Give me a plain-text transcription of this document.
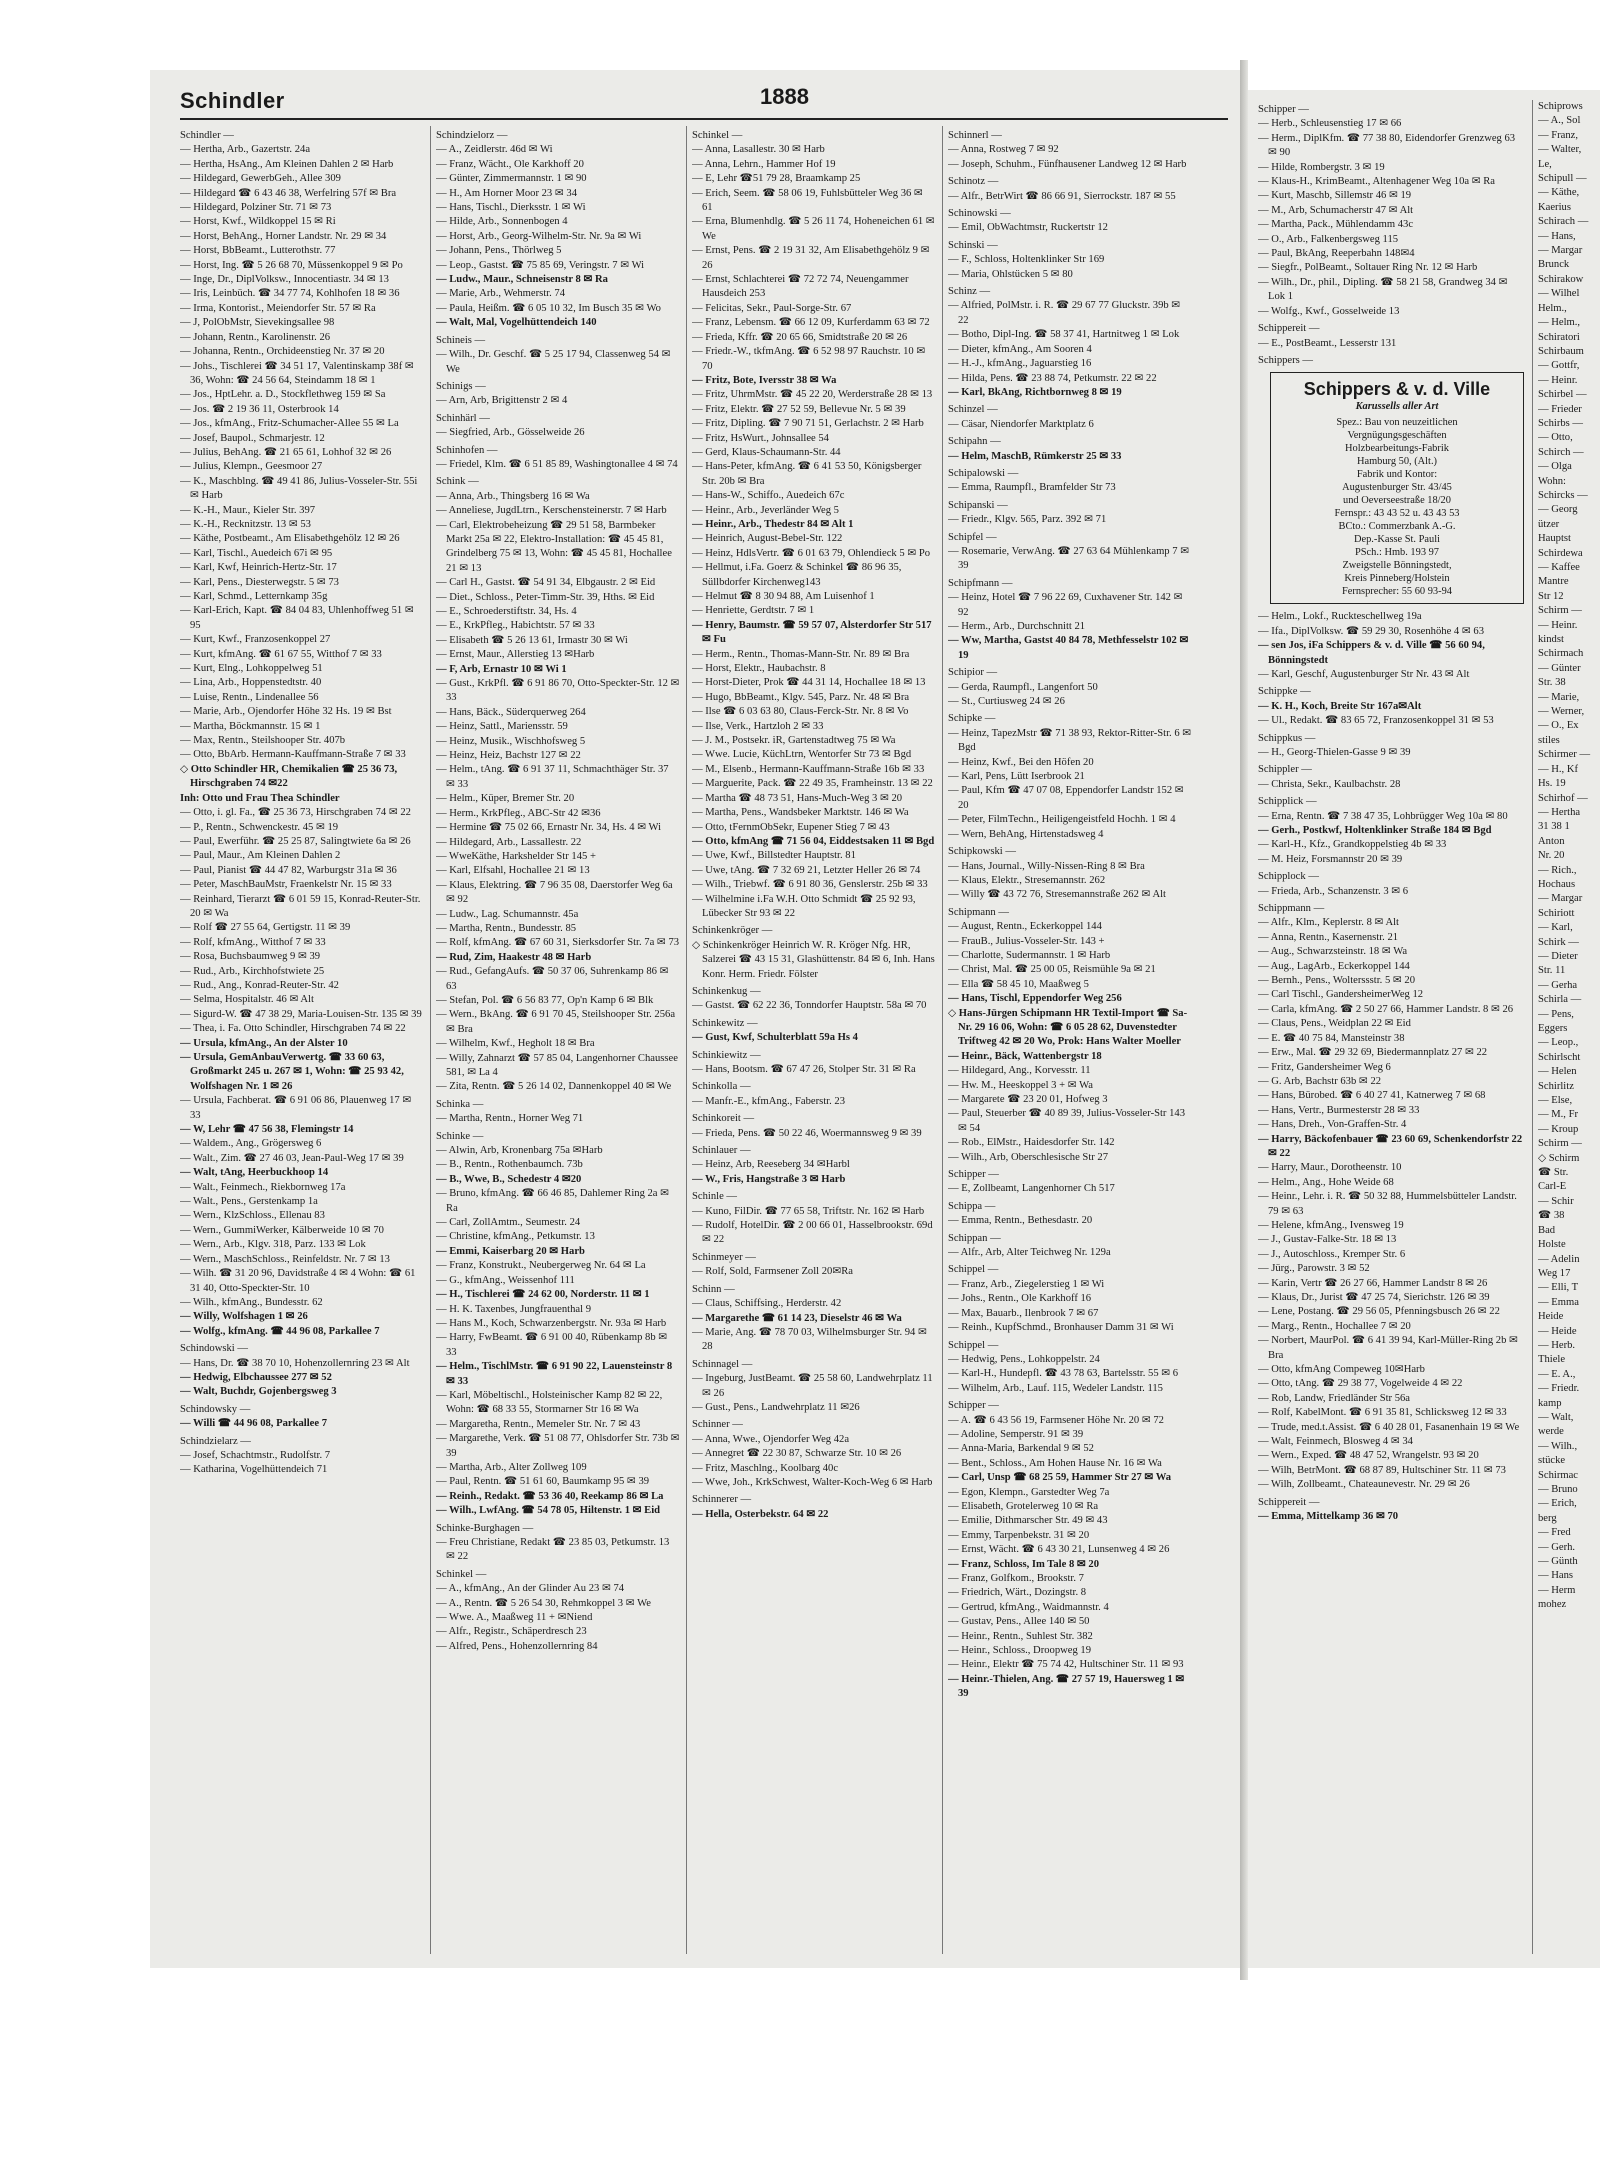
Schindler	1888

Schindler —

— Hertha, Arb., Gazertstr. 24a

— Hertha, HsAng., Am Kleinen Dahlen 2 ✉ Harb

— Hildegard, GewerbGeh., Allee 309

— Hildegard ☎ 6 43 46 38, Werfelring 57f ✉ Bra

— Hildegard, Polziner Str. 71 ✉ 73

— Horst, Kwf., Wildkoppel 15 ✉ Ri

— Horst, BehAng., Horner Landstr. Nr. 29 ✉ 34

— Horst, BbBeamt., Lutterothstr. 77

— Horst, Ing. ☎ 5 26 68 70, Müssenkoppel 9 ✉ Po

— Inge, Dr., DiplVolksw., Innocentiastr. 34 ✉ 13

— Iris, Leinbüch. ☎ 34 77 74, Kohlhofen 18 ✉ 36

— Irma, Kontorist., Meiendorfer Str. 57 ✉ Ra

— J, PolObMstr, Sievekingsallee 98

— Johann, Rentn., Karolinenstr. 26

— Johanna, Rentn., Orchideenstieg Nr. 37 ✉ 20

— Johs., Tischlerei ☎ 34 51 17, Valentinskamp 38f ✉ 36, Wohn: ☎ 24 56 64, Steindamm 18 ✉ 1

— Jos., HptLehr. a. D., Stockflethweg 159 ✉ Sa

— Jos. ☎ 2 19 36 11, Osterbrook 14

— Jos., kfmAng., Fritz-Schumacher-Allee 55 ✉ La

— Josef, Baupol., Schmarjestr. 12

— Julius, BehAng. ☎ 21 65 61, Lohhof 32 ✉ 26

— Julius, Klempn., Geesmoor 27

— K., Maschblng. ☎ 49 41 86, Julius-Vosseler-Str. 55i ✉ Harb

— K.-H., Maur., Kieler Str. 397

— K.-H., Recknitzstr. 13 ✉ 53

— Käthe, Postbeamt., Am Elisabethgehölz 12 ✉ 26

— Karl, Tischl., Auedeich 67i ✉ 95

— Karl, Kwf, Heinrich-Hertz-Str. 17

— Karl, Pens., Diesterwegstr. 5 ✉ 73

— Karl, Schmd., Letternkamp 35g

— Karl-Erich, Kapt. ☎ 84 04 83, Uhlenhoffweg 51 ✉ 95

— Kurt, Kwf., Franzosenkoppel 27

— Kurt, kfmAng. ☎ 61 67 55, Witthof 7 ✉ 33

— Kurt, Elng., Lohkoppelweg 51

— Lina, Arb., Hoppenstedtstr. 40

— Luise, Rentn., Lindenallee 56

— Marie, Arb., Ojendorfer Höhe 32 Hs. 19 ✉ Bst

— Martha, Böckmannstr. 15 ✉ 1

— Max, Rentn., Steilshooper Str. 407b

— Otto, BbArb. Hermann-Kauffmann-Straße 7 ✉ 33

◇ Otto Schindler HR, Chemikalien ☎ 25 36 73, Hirschgraben 74 ✉22

Inh: Otto und Frau Thea Schindler

— Otto, i. gl. Fa., ☎ 25 36 73, Hirschgraben 74 ✉ 22

— P., Rentn., Schwenckestr. 45 ✉ 19

— Paul, Ewerführ. ☎ 25 25 87, Salingtwiete 6a ✉ 26

— Paul, Maur., Am Kleinen Dahlen 2

— Paul, Pianist ☎ 44 47 82, Warburgstr 31a ✉ 36

— Peter, MaschBauMstr, Fraenkelstr Nr. 15 ✉ 33

— Reinhard, Tierarzt ☎ 6 01 59 15, Konrad-Reuter-Str. 20 ✉ Wa

— Rolf ☎ 27 55 64, Gertigstr. 11 ✉ 39

— Rolf, kfmAng., Witthof 7 ✉ 33

— Rosa, Buchsbaumweg 9 ✉ 39

— Rud., Arb., Kirchhofstwiete 25

— Rud., Ang., Konrad-Reuter-Str. 42

— Selma, Hospitalstr. 46 ✉ Alt

— Sigurd-W. ☎ 47 38 29, Maria-Louisen-Str. 135 ✉ 39

— Thea, i. Fa. Otto Schindler, Hirschgraben 74 ✉ 22

— Ursula, kfmAng., An der Alster 10

— Ursula, GemAnbauVerwertg. ☎ 33 60 63, Großmarkt 245 u. 267 ✉ 1, Wohn: ☎ 25 93 42, Wolfshagen Nr. 1 ✉ 26

— Ursula, Fachberat. ☎ 6 91 06 86, Plauenweg 17 ✉ 33

— W, Lehr ☎ 47 56 38, Flemingstr 14

— Waldem., Ang., Grögersweg 6

— Walt., Zim. ☎ 27 46 03, Jean-Paul-Weg 17 ✉ 39

— Walt, tAng, Heerbuckhoop 14

— Walt., Feinmech., Riekbornweg 17a

— Walt., Pens., Gerstenkamp 1a

— Wern., KlzSchloss., Ellenau 83

— Wern., GummiWerker, Kälberweide 10 ✉ 70

— Wern., Arb., Klgv. 318, Parz. 133 ✉ Lok

— Wern., MaschSchloss., Reinfeldstr. Nr. 7 ✉ 13

— Wilh. ☎ 31 20 96, Davidstraße 4 ✉ 4 Wohn: ☎ 61 31 40, Otto-Speckter-Str. 10

— Wilh., kfmAng., Bundesstr. 62

— Willy, Wolfshagen 1 ✉ 26

— Wolfg., kfmAng. ☎ 44 96 08, Parkallee 7

Schindowski —

— Hans, Dr. ☎ 38 70 10, Hohenzollernring 23 ✉ Alt

— Hedwig, Elbchaussee 277 ✉ 52

— Walt, Buchdr, Gojenbergsweg 3

Schindowsky —

— Willi ☎ 44 96 08, Parkallee 7

Schindzielarz —

— Josef, Schachtmstr., Rudolfstr. 7

— Katharina, Vogelhüttendeich 71

Schindzielorz —

— A., Zeidlerstr. 46d ✉ Wi

— Franz, Wächt., Ole Karkhoff 20

— Günter, Zimmermannstr. 1 ✉ 90

— H., Am Horner Moor 23 ✉ 34

— Hans, Tischl., Dierksstr. 1 ✉ Wi

— Hilde, Arb., Sonnenbogen 4

— Horst, Arb., Georg-Wilhelm-Str. Nr. 9a ✉ Wi

— Johann, Pens., Thörlweg 5

— Leop., Gastst. ☎ 75 85 69, Veringstr. 7 ✉ Wi

— Ludw., Maur., Schneisenstr 8 ✉ Ra

— Marie, Arb., Wehmerstr. 74

— Paula, Heißm. ☎ 6 05 10 32, Im Busch 35 ✉ Wo

— Walt, Mal, Vogelhüttendeich 140

Schineis —

— Wilh., Dr. Geschf. ☎ 5 25 17 94, Classenweg 54 ✉ We

Schinigs —

— Arn, Arb, Brigittenstr 2 ✉ 4

Schinhärl —

— Siegfried, Arb., Gösselweide 26

Schinhofen —

— Friedel, Klm. ☎ 6 51 85 89, Washingtonallee 4 ✉ 74

Schink —

— Anna, Arb., Thingsberg 16 ✉ Wa

— Anneliese, JugdLtrn., Kerschensteinerstr. 7 ✉ Harb

— Carl, Elektrobeheizung ☎ 29 51 58, Barmbeker Markt 25a ✉ 22, Elektro-Installation: ☎ 45 45 81, Grindelberg 75 ✉ 13, Wohn: ☎ 45 45 81, Hochallee 21 ✉ 13

— Carl H., Gastst. ☎ 54 91 34, Elbgaustr. 2 ✉ Eid

— Diet., Schloss., Peter-Timm-Str. 39, Hths. ✉ Eid

— E., Schroederstiftstr. 34, Hs. 4

— E., KrkPfleg., Habichtstr. 57 ✉ 33

— Elisabeth ☎ 5 26 13 61, Irmastr 30 ✉ Wi

— Ernst, Maur., Allerstieg 13 ✉Harb

— F, Arb, Ernastr 10 ✉ Wi 1

— Gust., KrkPfl. ☎ 6 91 86 70, Otto-Speckter-Str. 12 ✉ 33

— Hans, Bäck., Süderquerweg 264

— Heinz, Sattl., Mariensstr. 59

— Heinz, Musik., Wischhofsweg 5

— Heinz, Heiz, Bachstr 127 ✉ 22

— Helm., tAng. ☎ 6 91 37 11, Schmachthäger Str. 37 ✉ 33

— Helm., Küper, Bremer Str. 20

— Herm., KrkPfleg., ABC-Str 42 ✉36

— Hermine ☎ 75 02 66, Ernastr Nr. 34, Hs. 4 ✉ Wi

— Hildegard, Arb., Lassallestr. 22

— WweKäthe, Harkshelder Str 145 +

— Karl, Elfsahl, Hochallee 21 ✉ 13

— Klaus, Elektring. ☎ 7 96 35 08, Daerstorfer Weg 6a ✉ 92

— Ludw., Lag. Schumannstr. 45a

— Martha, Rentn., Bundesstr. 85

— Rolf, kfmAng. ☎ 67 60 31, Sierksdorfer Str. 7a ✉ 73

— Rud, Zim, Haakestr 48 ✉ Harb

— Rud., GefangAufs. ☎ 50 37 06, Suhrenkamp 86 ✉ 63

— Stefan, Pol. ☎ 6 56 83 77, Op'n Kamp 6 ✉ Blk

— Wern., BkAng. ☎ 6 91 70 45, Steilshooper Str. 256a ✉ Bra

— Wilhelm, Kwf., Hegholt 18 ✉ Bra

— Willy, Zahnarzt ☎ 57 85 04, Langenhorner Chaussee 581, ✉ La 4

— Zita, Rentn. ☎ 5 26 14 02, Dannenkoppel 40 ✉ We

Schinka —

— Martha, Rentn., Horner Weg 71

Schinke —

— Alwin, Arb, Kronenbarg 75a ✉Harb

— B., Rentn., Rothenbaumch. 73b

— B., Wwe, B., Schedestr 4 ✉20

— Bruno, kfmAng. ☎ 66 46 85, Dahlemer Ring 2a ✉ Ra

— Carl, ZollAmtm., Seumestr. 24

— Christine, kfmAng., Petkumstr. 13

— Emmi, Kaiserbarg 20 ✉ Harb

— Franz, Konstrukt., Neubergerweg Nr. 64 ✉ La

— G., kfmAng., Weissenhof 111

— H., Tischlerei ☎ 24 62 00, Norderstr. 11 ✉ 1

— H. K. Taxenbes, Jungfrauenthal 9

— Hans M., Koch, Schwarzenbergstr. Nr. 93a ✉ Harb

— Harry, FwBeamt. ☎ 6 91 00 40, Rübenkamp 8b ✉ 33

— Helm., TischlMstr. ☎ 6 91 90 22, Lauensteinstr 8 ✉ 33

— Karl, Möbeltischl., Holsteinischer Kamp 82 ✉ 22, Wohn: ☎ 68 33 55, Stormarner Str 16 ✉ Wa

— Margaretha, Rentn., Memeler Str. Nr. 7 ✉ 43

— Margarethe, Verk. ☎ 51 08 77, Ohlsdorfer Str. 73b ✉ 39

— Martha, Arb., Alter Zollweg 109

— Paul, Rentn. ☎ 51 61 60, Baumkamp 95 ✉ 39

— Reinh., Redakt. ☎ 53 36 40, Reekamp 86 ✉ La

— Wilh., LwfAng. ☎ 54 78 05, Hiltenstr. 1 ✉ Eid

Schinke-Burghagen —

— Freu Christiane, Redakt ☎ 23 85 03, Petkumstr. 13 ✉ 22

Schinkel —

— A., kfmAng., An der Glinder Au 23 ✉ 74

— A., Rentn. ☎ 5 26 54 30, Rehmkoppel 3 ✉ We

— Wwe. A., Maaßweg 11 + ✉Niend

— Alfr., Registr., Schäperdresch 23

— Alfred, Pens., Hohenzollernring 84

Schinkel —

— Anna, Lasallestr. 30 ✉ Harb

— Anna, Lehrn., Hammer Hof 19

— E, Lehr ☎51 79 28, Braamkamp 25

— Erich, Seem. ☎ 58 06 19, Fuhlsbütteler Weg 36 ✉ 61

— Erna, Blumenhdlg. ☎ 5 26 11 74, Hoheneichen 61 ✉ We

— Ernst, Pens. ☎ 2 19 31 32, Am Elisabethgehölz 9 ✉ 26

— Ernst, Schlachterei ☎ 72 72 74, Neuengammer Hausdeich 253

— Felicitas, Sekr., Paul-Sorge-Str. 67

— Franz, Lebensm. ☎ 66 12 09, Kurferdamm 63 ✉ 72

— Frieda, Kffr. ☎ 20 65 66, Smidtstraße 20 ✉ 26

— Friedr.-W., tkfmAng. ☎ 6 52 98 97 Rauchstr. 10 ✉ 70

— Fritz, Bote, Iversstr 38 ✉ Wa

— Fritz, UhrmMstr. ☎ 45 22 20, Werderstraße 28 ✉ 13

— Fritz, Elektr. ☎ 27 52 59, Bellevue Nr. 5 ✉ 39

— Fritz, Dipling. ☎ 7 90 71 51, Gerlachstr. 2 ✉ Harb

— Fritz, HsWurt., Johnsallee 54

— Gerd, Klaus-Schaumann-Str. 44

— Hans-Peter, kfmAng. ☎ 6 41 53 50, Königsberger Str. 20b ✉ Bra

— Hans-W., Schiffo., Auedeich 67c

— Heinr., Arb., Jeverländer Weg 5

— Heinr., Arb., Thedestr 84 ✉ Alt 1

— Heinrich, August-Bebel-Str. 122

— Heinz, HdlsVertr. ☎ 6 01 63 79, Ohlendieck 5 ✉ Po

— Hellmut, i.Fa. Goerz & Schinkel ☎ 86 96 35, Süllbdorfer Kirchenweg143

— Helmut ☎ 8 30 94 88, Am Luisenhof 1

— Henriette, Gerdtstr. 7 ✉ 1

— Henry, Baumstr. ☎ 59 57 07, Alsterdorfer Str 517 ✉ Fu

— Herm., Rentn., Thomas-Mann-Str. Nr. 89 ✉ Bra

— Horst, Elektr., Haubachstr. 8

— Horst-Dieter, Prok ☎ 44 31 14, Hochallee 18 ✉ 13

— Hugo, BbBeamt., Klgv. 545, Parz. Nr. 48 ✉ Bra

— Ilse ☎ 6 03 63 80, Claus-Ferck-Str. Nr. 8 ✉ Vo

— Ilse, Verk., Hartzloh 2 ✉ 33

— J. M., Postsekr. iR, Gartenstadtweg 75 ✉ Wa

— Wwe. Lucie, KüchLtrn, Wentorfer Str 73 ✉ Bgd

— M., Elsenb., Hermann-Kauffmann-Straße 16b ✉ 33

— Marguerite, Pack. ☎ 22 49 35, Framheinstr. 13 ✉ 22

— Martha ☎ 48 73 51, Hans-Much-Weg 3 ✉ 20

— Martha, Pens., Wandsbeker Marktstr. 146 ✉ Wa

— Otto, tFernmObSekr, Eupener Stieg 7 ✉ 43

— Otto, kfmAng ☎ 71 56 04, Eiddestsaken 11 ✉ Bgd

— Uwe, Kwf., Billstedter Hauptstr. 81

— Uwe, tAng. ☎ 7 32 69 21, Letzter Heller 26 ✉ 74

— Wilh., Triebwf. ☎ 6 91 80 36, Genslerstr. 25b ✉ 33

— Wilhelmine i.Fa W.H. Otto Schmidt ☎ 25 92 93, Lübecker Str 93 ✉ 22

Schinkenkröger —

◇ Schinkenkröger Heinrich W. R. Kröger Nfg. HR, Salzerei ☎ 43 15 31, Glashüttenstr. 84 ✉ 6, Inh. Hans Konr. Herm. Friedr. Fölster

Schinkenkug —

— Gastst. ☎ 62 22 36, Tonndorfer Hauptstr. 58a ✉ 70

Schinkewitz —

— Gust, Kwf, Schulterblatt 59a Hs 4

Schinkiewitz —

— Hans, Bootsm. ☎ 67 47 26, Stolper Str. 31 ✉ Ra

Schinkolla —

— Manfr.-E., kfmAng., Faberstr. 23

Schinkoreit —

— Frieda, Pens. ☎ 50 22 46, Woermannsweg 9 ✉ 39

Schinlauer —

— Heinz, Arb, Reeseberg 34 ✉Harbl

— W., Fris, Hangstraße 3 ✉ Harb

Schinle —

— Kuno, FilDir. ☎ 77 65 58, Triftstr. Nr. 162 ✉ Harb

— Rudolf, HotelDir. ☎ 2 00 66 01, Hasselbrookstr. 69d ✉ 22

Schinmeyer —

— Rolf, Sold, Farmsener Zoll 20✉Ra

Schinn —

— Claus, Schiffsing., Herderstr. 42

— Margarethe ☎ 61 14 23, Dieselstr 46 ✉ Wa

— Marie, Ang. ☎ 78 70 03, Wilhelmsburger Str. 94 ✉ 28

Schinnagel —

— Ingeburg, JustBeamt. ☎ 25 58 60, Landwehrplatz 11 ✉ 26

— Gust., Pens., Landwehrplatz 11 ✉26

Schinner —

— Anna, Wwe., Ojendorfer Weg 42a

— Annegret ☎ 22 30 87, Schwarze Str. 10 ✉ 26

— Fritz, Maschlng., Koolbarg 40c

— Wwe, Joh., KrkSchwest, Walter-Koch-Weg 6 ✉ Harb

Schinnerer —

— Hella, Osterbekstr. 64 ✉ 22

Schinnerl —

— Anna, Rostweg 7 ✉ 92

— Joseph, Schuhm., Fünfhausener Landweg 12 ✉ Harb

Schinotz —

— Alfr., BetrWirt ☎ 86 66 91, Sierrockstr. 187 ✉ 55

Schinowski —

— Emil, ObWachtmstr, Ruckertstr 12

Schinski —

— F., Schloss, Holtenklinker Str 169

— Maria, Ohlstücken 5 ✉ 80

Schinz —

— Alfried, PolMstr. i. R. ☎ 29 67 77 Gluckstr. 39b ✉ 22

— Botho, Dipl-Ing. ☎ 58 37 41, Hartnitweg 1 ✉ Lok

— Dieter, kfmAng., Am Sooren 4

— H.-J., kfmAng., Jaguarstieg 16

— Hilda, Pens. ☎ 23 88 74, Petkumstr. 22 ✉ 22

— Karl, BkAng, Richtbornweg 8 ✉ 19

Schinzel —

— Cäsar, Niendorfer Marktplatz 6

Schipahn —

— Helm, MaschB, Rümkerstr 25 ✉ 33

Schipalowski —

— Emma, Raumpfl., Bramfelder Str 73

Schipanski —

— Friedr., Klgv. 565, Parz. 392 ✉ 71

Schipfel —

— Rosemarie, VerwAng. ☎ 27 63 64 Mühlenkamp 7 ✉ 39

Schipfmann —

— Heinz, Hotel ☎ 7 96 22 69, Cuxhavener Str. 142 ✉ 92

— Herm., Arb., Durchschnitt 21

— Ww, Martha, Gastst 40 84 78, Methfesselstr 102 ✉19

Schipior —

— Gerda, Raumpfl., Langenfort 50

— St., Curtiusweg 24 ✉ 26

Schipke —

— Heinz, TapezMstr ☎ 71 38 93, Rektor-Ritter-Str. 6 ✉ Bgd

— Heinz, Kwf., Bei den Höfen 20

— Karl, Pens, Lütt Iserbrook 21

— Paul, Kfm ☎ 47 07 08, Eppendorfer Landstr 152 ✉ 20

— Peter, FilmTechn., Heiligengeistfeld Hochh. 1 ✉ 4

— Wern, BehAng, Hirtenstadsweg 4

Schipkowski —

— Hans, Journal., Willy-Nissen-Ring 8 ✉ Bra

— Klaus, Elektr., Stresemannstr. 262

— Willy ☎ 43 72 76, Stresemannstraße 262 ✉ Alt

Schipmann —

— August, Rentn., Eckerkoppel 144

— FrauB., Julius-Vosseler-Str. 143 +

— Charlotte, Sudermannstr. 1 ✉ Harb

— Christ, Mal. ☎ 25 00 05, Reismühle 9a ✉ 21

— Ella ☎ 58 45 10, Maaßweg 5

— Hans, Tischl, Eppendorfer Weg 256

◇ Hans-Jürgen Schipmann HR Textil-Import ☎ Sa-Nr. 29 16 06, Wohn: ☎ 6 05 28 62, Duvenstedter Triftweg 42 ✉ 20 Wo, Prok: Hans Walter Moeller

— Heinr., Bäck, Wattenbergstr 18

— Hildegard, Ang., Korvesstr. 11

— Hw. M., Heeskoppel 3 + ✉ Wa

— Margarete ☎ 23 20 01, Hofweg 3

— Paul, Steuerber ☎ 40 89 39, Julius-Vosseler-Str 143 ✉ 54

— Rob., ElMstr., Haidesdorfer Str. 142

— Wilh., Arb, Oberschlesische Str 27

Schipper —

— E, Zollbeamt, Langenhorner Ch 517

Schippa —

— Emma, Rentn., Bethesdastr. 20

Schippan —

— Alfr., Arb, Alter Teichweg Nr. 129a

Schippel —

— Franz, Arb., Ziegelerstieg 1 ✉ Wi

— Johs., Rentn., Ole Karkhoff 16

— Max, Bauarb., Ilenbrook 7 ✉ 67

— Reinh., KupfSchmd., Bronhauser Damm 31 ✉ Wi

Schippel —

— Hedwig, Pens., Lohkoppelstr. 24

— Karl-H., Hundepfl. ☎ 43 78 63, Bartelsstr. 55 ✉ 6

— Wilhelm, Arb., Lauf. 115, Wedeler Landstr. 115

Schipper —

— A. ☎ 6 43 56 19, Farmsener Höhe Nr. 20 ✉ 72

— Adoline, Semperstr. 91 ✉ 39

— Anna-Maria, Barkendal 9 ✉ 52

— Bent., Schloss., Am Hohen Hause Nr. 16 ✉ Wa

— Carl, Unsp ☎ 68 25 59, Hammer Str 27 ✉ Wa

— Egon, Klempn., Garstedter Weg 7a

— Elisabeth, Grotelerweg 10 ✉ Ra

— Emilie, Dithmarscher Str. 49 ✉ 43

— Emmy, Tarpenbekstr. 31 ✉ 20

— Ernst, Wächt. ☎ 6 43 30 21, Lunsenweg 4 ✉ 26

— Franz, Schloss, Im Tale 8 ✉ 20

— Franz, Golfkom., Brookstr. 7

— Friedrich, Wärt., Dozingstr. 8

— Gertrud, kfmAng., Waidmannstr. 4

— Gustav, Pens., Allee 140 ✉ 50

— Heinr., Rentn., Suhlest Str. 382

— Heinr., Schloss., Droopweg 19

— Heinr., Elektr ☎ 75 74 42, Hultschiner Str. 11 ✉ 93

— Heinr.-Thielen, Ang. ☎ 27 57 19, Hauersweg 1 ✉ 39

Schipper —

— Herb., Schleusenstieg 17 ✉ 66

— Herm., DiplKfm. ☎ 77 38 80, Eidendorfer Grenzweg 63 ✉ 90

— Hilde, Rombergstr. 3 ✉ 19

— Klaus-H., KrimBeamt., Altenhagener Weg 10a ✉ Ra

— Kurt, Maschb, Sillemstr 46 ✉ 19

— M., Arb, Schumacherstr 47 ✉ Alt

— Martha, Pack., Mühlendamm 43c

— O., Arb., Falkenbergsweg 115

— Paul, BkAng, Reeperbahn 148✉4

— Siegfr., PolBeamt., Soltauer Ring Nr. 12 ✉ Harb

— Wilh., Dr., phil., Dipling. ☎ 58 21 58, Grandweg 34 ✉ Lok 1

— Wolfg., Kwf., Gosselweide 13

Schippereit —

— E., PostBeamt., Lesserstr 131

Schippers —

Schippers & v. d. Ville
Karussells aller Art
Spez.: Bau von neuzeitlichen
Vergnügungsgeschäften
Holzbearbeitungs-Fabrik
Hamburg 50, (Alt.)
Fabrik und Kontor:
Augustenburger Str. 43/45
und Oeverseestraße 18/20
Fernspr.: 43 43 52 u. 43 43 53
BCto.: Commerzbank A.-G.
Dep.-Kasse St. Pauli
PSch.: Hmb. 193 97
Zweigstelle Bönningstedt,
Kreis Pinneberg/Holstein
Fernsprecher: 55 60 93-94

— Helm., Lokf., Ruckteschellweg 19a

— Ifa., DiplVolksw. ☎ 59 29 30, Rosenhöhe 4 ✉ 63

— sen Jos, iFa Schippers & v. d. Ville ☎ 56 60 94, Bönningstedt

— Karl, Geschf, Augustenburger Str Nr. 43 ✉ Alt

Schippke —

— K. H., Koch, Breite Str 167a✉Alt

— Ul., Redakt. ☎ 83 65 72, Franzosenkoppel 31 ✉ 53

Schippkus —

— H., Georg-Thielen-Gasse 9 ✉ 39

Schippler —

— Christa, Sekr., Kaulbachstr. 28

Schipplick —

— Erna, Rentn. ☎ 7 38 47 35, Lohbrügger Weg 10a ✉ 80

— Gerh., Postkwf, Holtenklinker Straße 184 ✉ Bgd

— Karl-H., Kfz., Grandkoppelstieg 4b ✉ 33

— M. Heiz, Forsmannstr 20 ✉ 39

Schipplock —

— Frieda, Arb., Schanzenstr. 3 ✉ 6

Schippmann —

— Alfr., Klm., Keplerstr. 8 ✉ Alt

— Anna, Rentn., Kasernenstr. 21

— Aug., Schwarzsteinstr. 18 ✉ Wa

— Aug., LagArb., Eckerkoppel 144

— Bernh., Pens., Wolterssstr. 5 ✉ 20

— Carl Tischl., GandersheimerWeg 12

— Carla, kfmAng. ☎ 2 50 27 66, Hammer Landstr. 8 ✉ 26

— Claus, Pens., Weidplan 22 ✉ Eid

— E. ☎ 40 75 84, Mansteinstr 38

— Erw., Mal. ☎ 29 32 69, Biedermannplatz 27 ✉ 22

— Fritz, Gandersheimer Weg 6

— G. Arb, Bachstr 63b ✉ 22

— Hans, Bürobed. ☎ 6 40 27 41, Katnerweg 7 ✉ 68

— Hans, Vertr., Burmesterstr 28 ✉ 33

— Hans, Dreh., Von-Graffen-Str. 4

— Harry, Bäckofenbauer ☎ 23 60 69, Schenkendorfstr 22 ✉ 22

— Harry, Maur., Dorotheenstr. 10

— Helm., Ang., Hohe Weide 68

— Heinr., Lehr. i. R. ☎ 50 32 88, Hummelsbütteler Landstr. 79 ✉ 63

— Helene, kfmAng., Ivensweg 19

— J., Gustav-Falke-Str. 18 ✉ 13

— J., Autoschloss., Kremper Str. 6

— Jürg., Parowstr. 3 ✉ 52

— Karin, Vertr ☎ 26 27 66, Hammer Landstr 8 ✉ 26

— Klaus, Dr., Jurist ☎ 47 25 74, Sierichstr. 126 ✉ 39

— Lene, Postang. ☎ 29 56 05, Pfenningsbusch 26 ✉ 22

— Marg., Rentn., Hochallee 7 ✉ 20

— Norbert, MaurPol. ☎ 6 41 39 94, Karl-Müller-Ring 2b ✉ Bra

— Otto, kfmAng Compeweg 10✉Harb

— Otto, tAng. ☎ 29 38 77, Vogelweide 4 ✉ 22

— Rob, Landw, Friedländer Str 56a

— Rolf, KabelMont. ☎ 6 91 35 81, Schlicksweg 12 ✉ 33

— Trude, med.t.Assist. ☎ 6 40 28 01, Fasanenhain 19 ✉ We

— Walt, Feinmech, Blosweg 4 ✉ 34

— Wern., Exped. ☎ 48 47 52, Wrangelstr. 93 ✉ 20

— Wilh, BetrMont. ☎ 68 87 89, Hultschiner Str. 11 ✉ 73

— Wilh, Zollbeamt., Chateaunevestr. Nr. 29 ✉ 26

Schippereit —

— Emma, Mittelkamp 36 ✉ 70

Schiprows

— A., Sol

— Franz,

— Walter,

Le,

Schipull —

— Käthe,

Kaerius

Schirach —

— Hans,

— Margar

Brunck

Schirakow

— Wilhel

Helm.,

— Helm.,

Schiratori

Schirbaum

— Gottfr,

— Heinr.

Schirbel —

— Frieder

Schirbs —

— Otto,

Schirch —

— Olga

Wohn:

Schircks —

— Georg

ützer

Hauptst

Schirdewa

— Kaffee

Mantre

Str 12

Schirm —

— Heinr.

kindst

Schirmach

— Günter

Str. 38

— Marie,

— Werner,

— O., Ex

stiles

Schirmer —

— H., Kf

Hs. 19

Schirhof —

— Hertha

31 38 1

Anton

Nr. 20

— Rich.,

Hochaus

— Margar

Schiriott

— Karl,

Schirk —

— Dieter

Str. 11

— Gerha

Schirla —

— Pens,

Eggers

— Leop.,

Schirlscht

— Helen

Schirlitz

— Else,

— M., Fr

— Kroup

Schirm —

◇ Schirm

☎ Str.

Carl-E

— Schir

☎ 38

Bad

Holste

— Adelin

Weg 17

— Elli, T

— Emma

Heide

— Heide

— Herb.

Thiele

— E. A.,

— Friedr.

kamp

— Walt,

werde

— Wilh.,

stücke

Schirmac

— Bruno

— Erich,

berg

— Fred

— Gerh.

— Günth

— Hans

— Herm

mohez
